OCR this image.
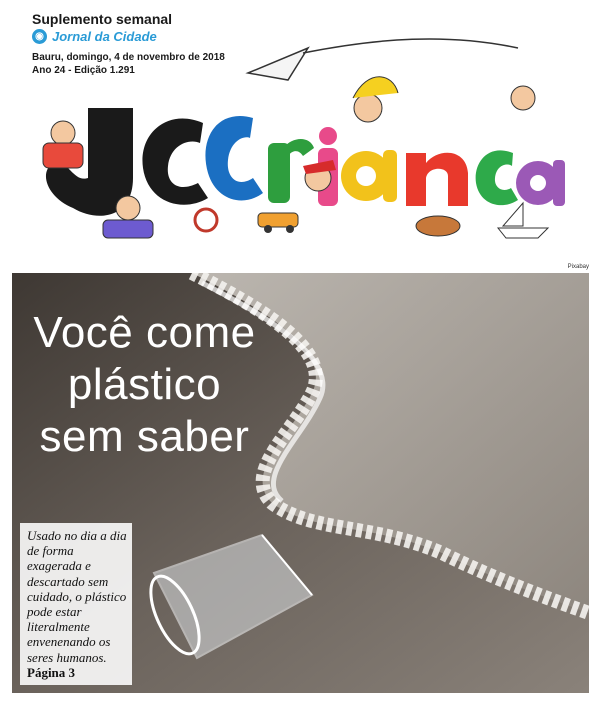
Suplemento semanal
◉ Jornal da Cidade
Bauru, domingo, 4 de novembro de 2018
Ano 24 - Edição 1.291
Pixabay
Você come
plástico
sem saber
Usado no dia a dia de forma exagerada e descartado sem cuidado, o plástico pode estar literalmente envenenando os seres humanos.
Página 3
